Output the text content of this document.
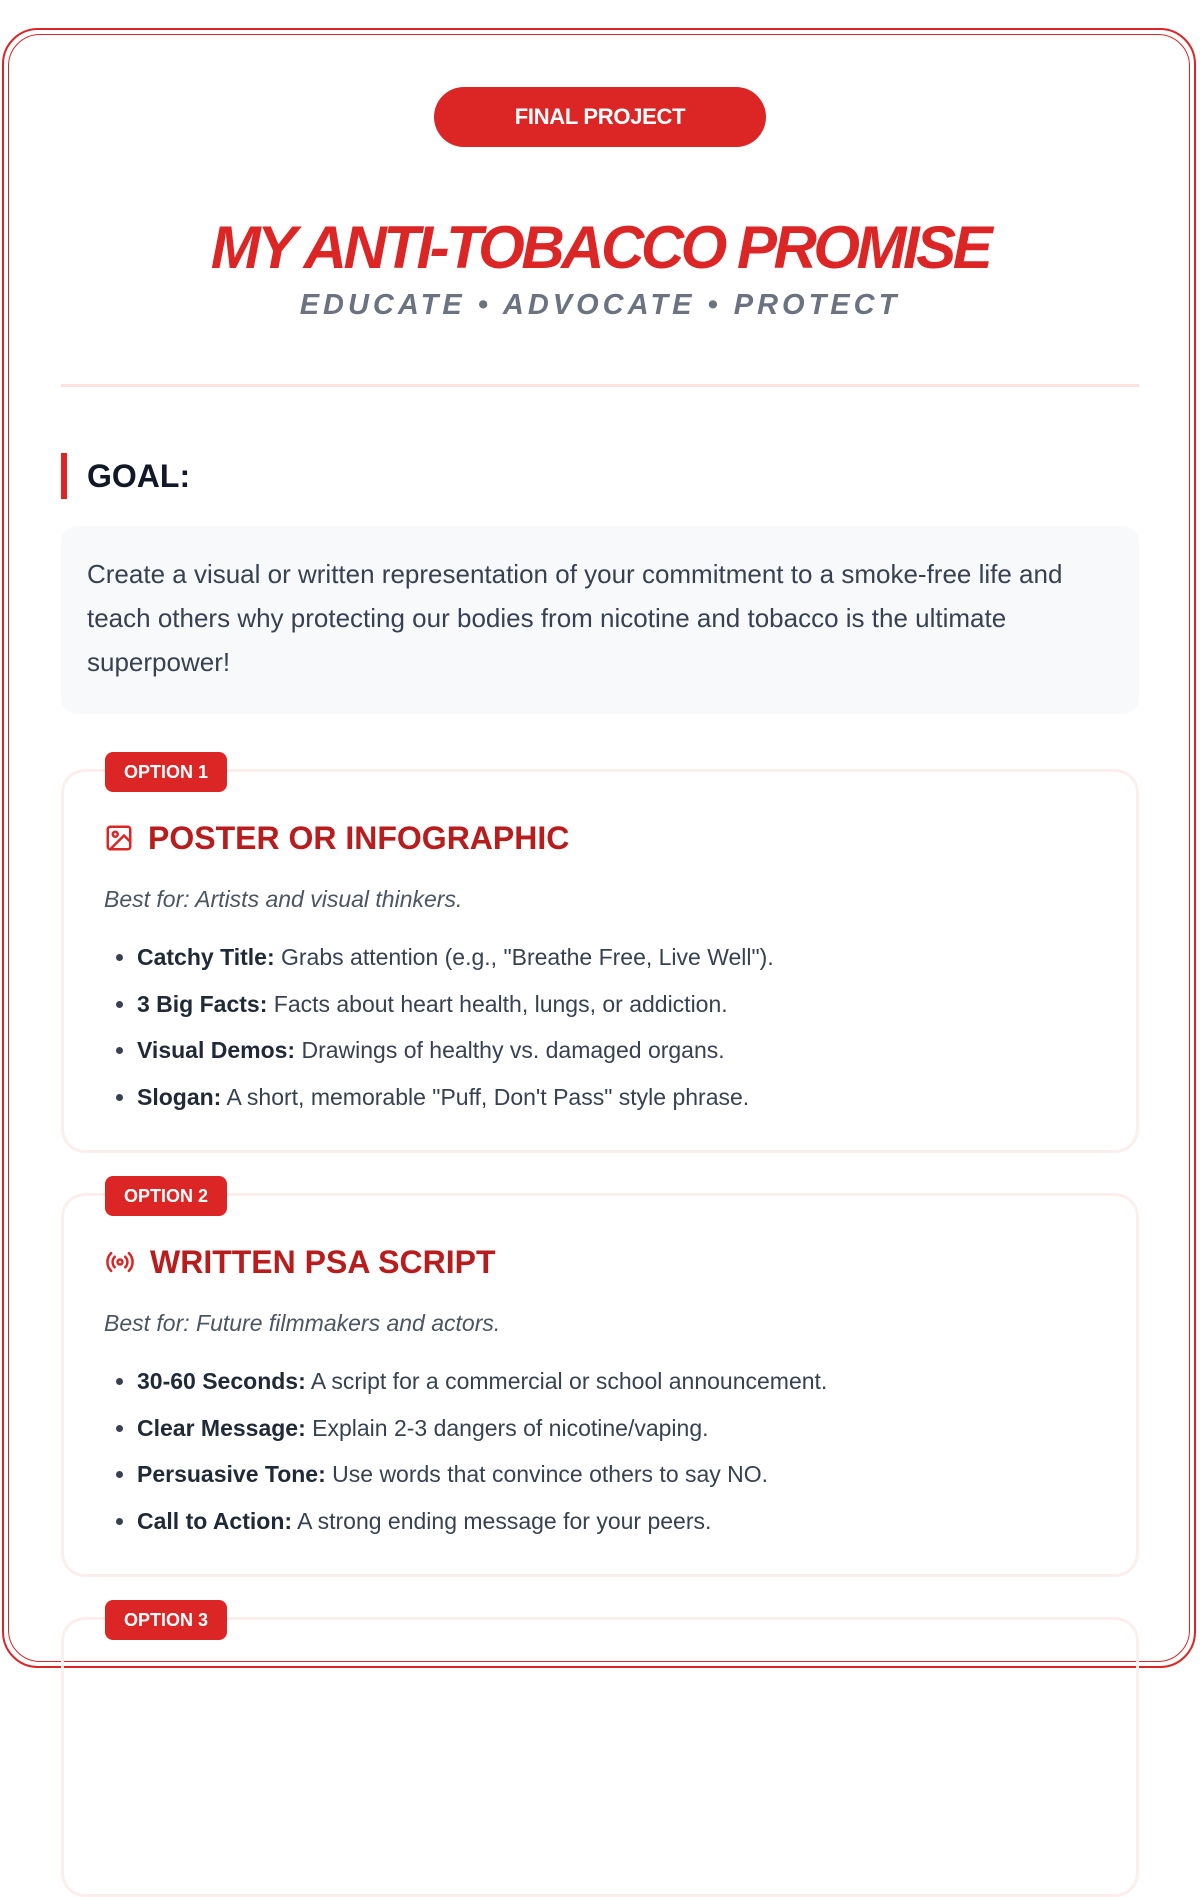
FINAL PROJECT CHOICE BOARD
MY ANTI-TOBACCO PROMISE
EDUCATE • ADVOCATE • PROTECT
GOAL:
Create a visual or written representation of your commitment to a smoke-free life and teach others why protecting our bodies from nicotine and tobacco is the ultimate superpower!
OPTION 1
POSTER OR INFOGRAPHIC
Best for: Artists and visual thinkers.
• Catchy Title: Grabs attention (e.g., "Breathe Free, Live Well").
• 3 Big Facts: Facts about heart health, lungs, or addiction.
• Visual Demos: Drawings of healthy vs. damaged organs.
• Slogan: A short, memorable "Puff, Don't Pass" style phrase.
OPTION 2
WRITTEN PSA SCRIPT
Best for: Future filmmakers and actors.
• 30-60 Seconds: A script for a commercial or school announcement.
• Clear Message: Explain 2-3 dangers of nicotine/vaping.
• Persuasive Tone: Use words that convince others to say NO.
• Call to Action: A strong ending message for your peers.
OPTION 3
